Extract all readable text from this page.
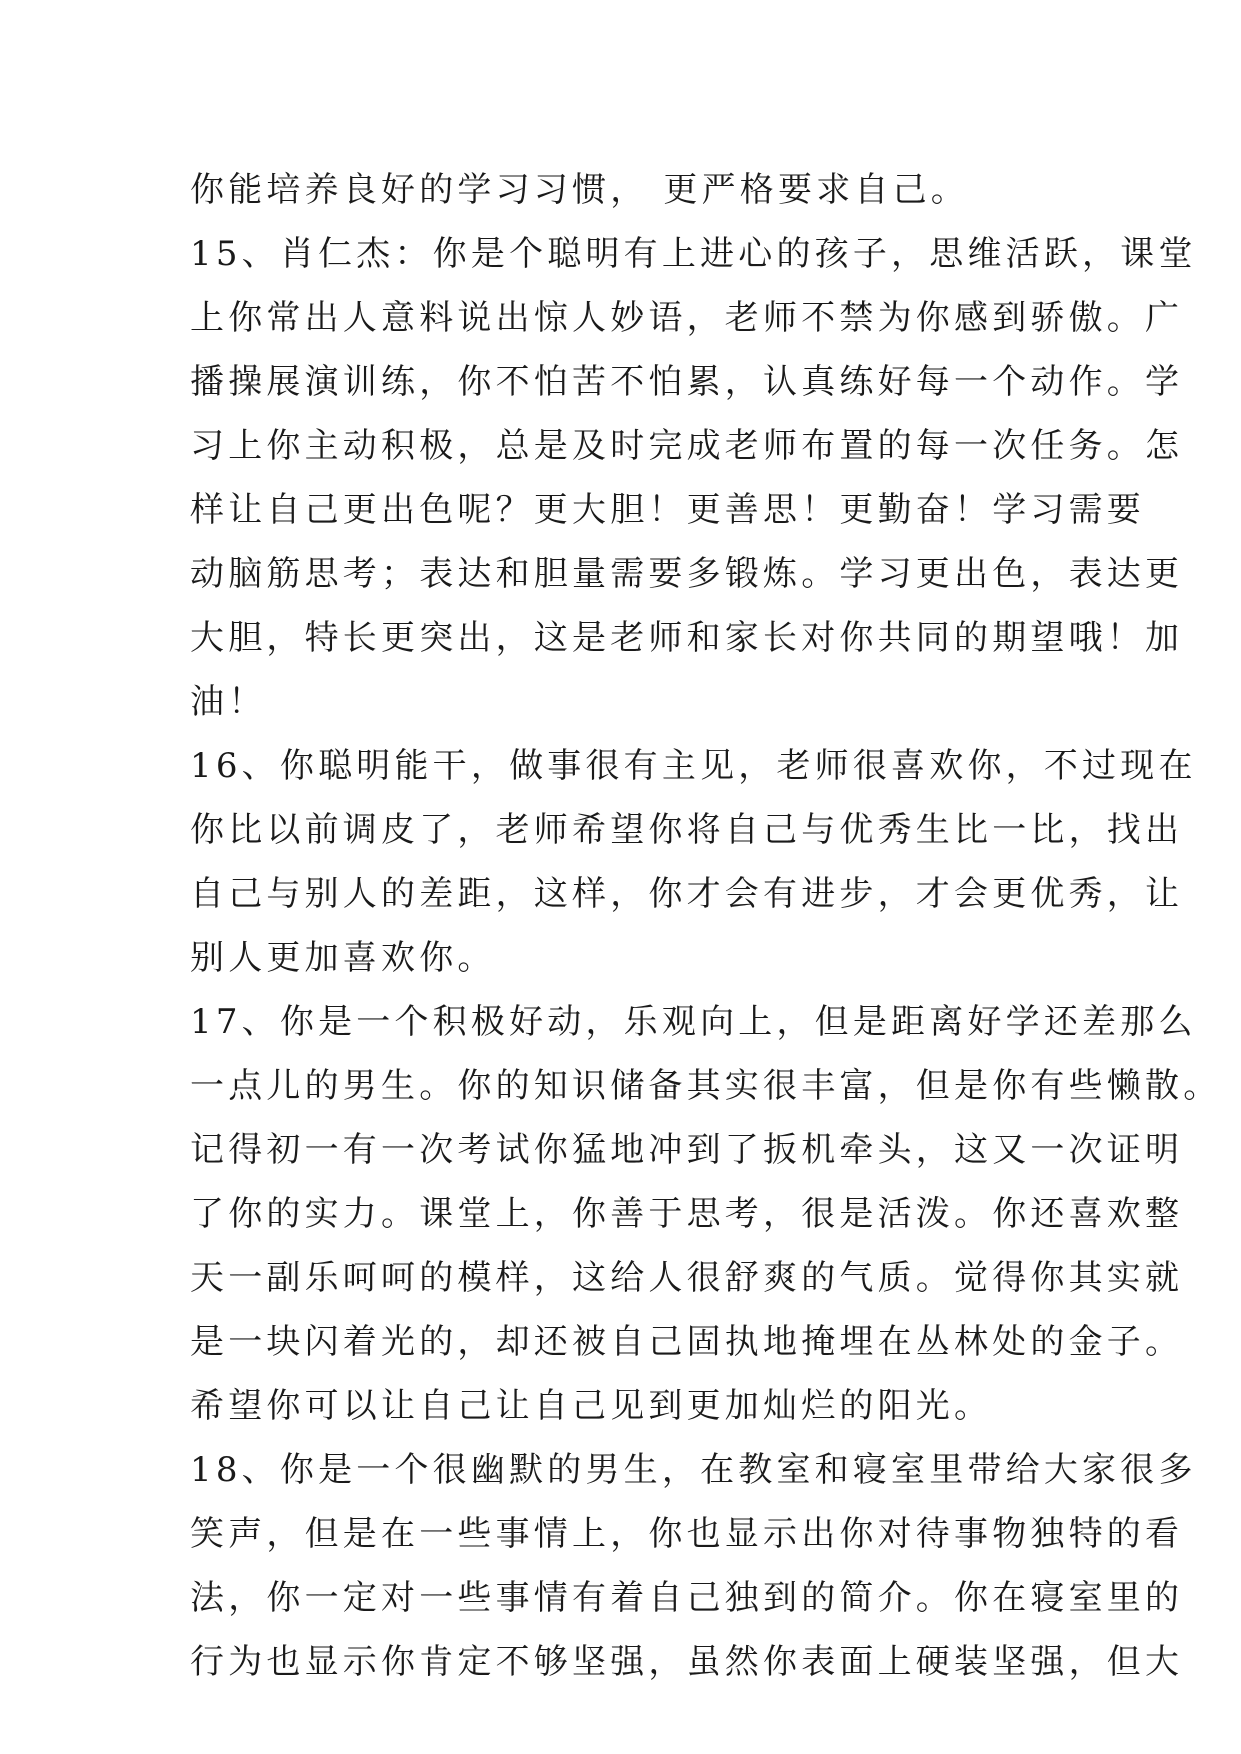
你能培养良好的学习习惯， 更严格要求自己。
15、肖仁杰：你是个聪明有上进心的孩子，思维活跃，课堂
上你常出人意料说出惊人妙语，老师不禁为你感到骄傲。广
播操展演训练，你不怕苦不怕累，认真练好每一个动作。学
习上你主动积极，总是及时完成老师布置的每一次任务。怎
样让自己更出色呢？更大胆！更善思！更勤奋！学习需要
动脑筋思考；表达和胆量需要多锻炼。学习更出色，表达更
大胆，特长更突出，这是老师和家长对你共同的期望哦！加
油！
16、你聪明能干，做事很有主见，老师很喜欢你，不过现在
你比以前调皮了，老师希望你将自己与优秀生比一比，找出
自己与别人的差距，这样，你才会有进步，才会更优秀，让
别人更加喜欢你。
17、你是一个积极好动，乐观向上，但是距离好学还差那么
一点儿的男生。你的知识储备其实很丰富，但是你有些懒散。
记得初一有一次考试你猛地冲到了扳机牵头，这又一次证明
了你的实力。课堂上，你善于思考，很是活泼。你还喜欢整
天一副乐呵呵的模样，这给人很舒爽的气质。觉得你其实就
是一块闪着光的，却还被自己固执地掩埋在丛林处的金子。
希望你可以让自己让自己见到更加灿烂的阳光。
18、你是一个很幽默的男生，在教室和寝室里带给大家很多
笑声，但是在一些事情上，你也显示出你对待事物独特的看
法，你一定对一些事情有着自己独到的简介。你在寝室里的
行为也显示你肯定不够坚强，虽然你表面上硬装坚强，但大
